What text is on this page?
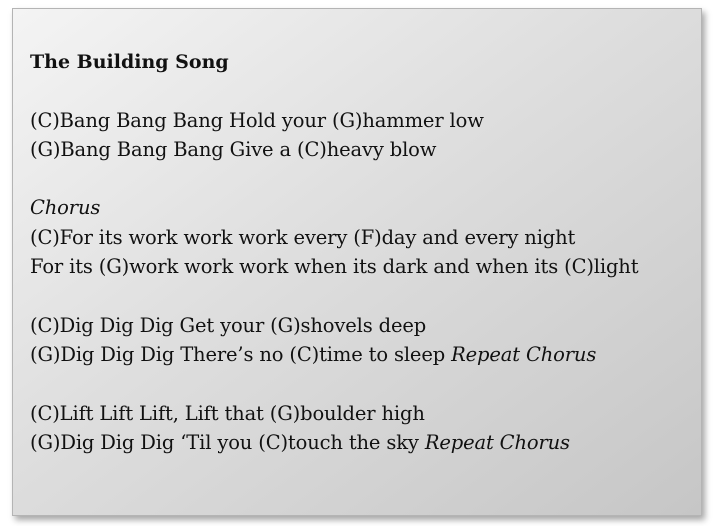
The Building Song
(C)Bang Bang Bang Hold your (G)hammer low
(G)Bang Bang Bang Give a (C)heavy blow
Chorus
(C)For its work work work every (F)day and every night
For its (G)work work work when its dark and when its (C)light
(C)Dig Dig Dig Get your (G)shovels deep
(G)Dig Dig Dig There’s no (C)time to sleep Repeat Chorus
(C)Lift Lift Lift, Lift that (G)boulder high
(G)Dig Dig Dig ‘Til you (C)touch the sky Repeat Chorus
